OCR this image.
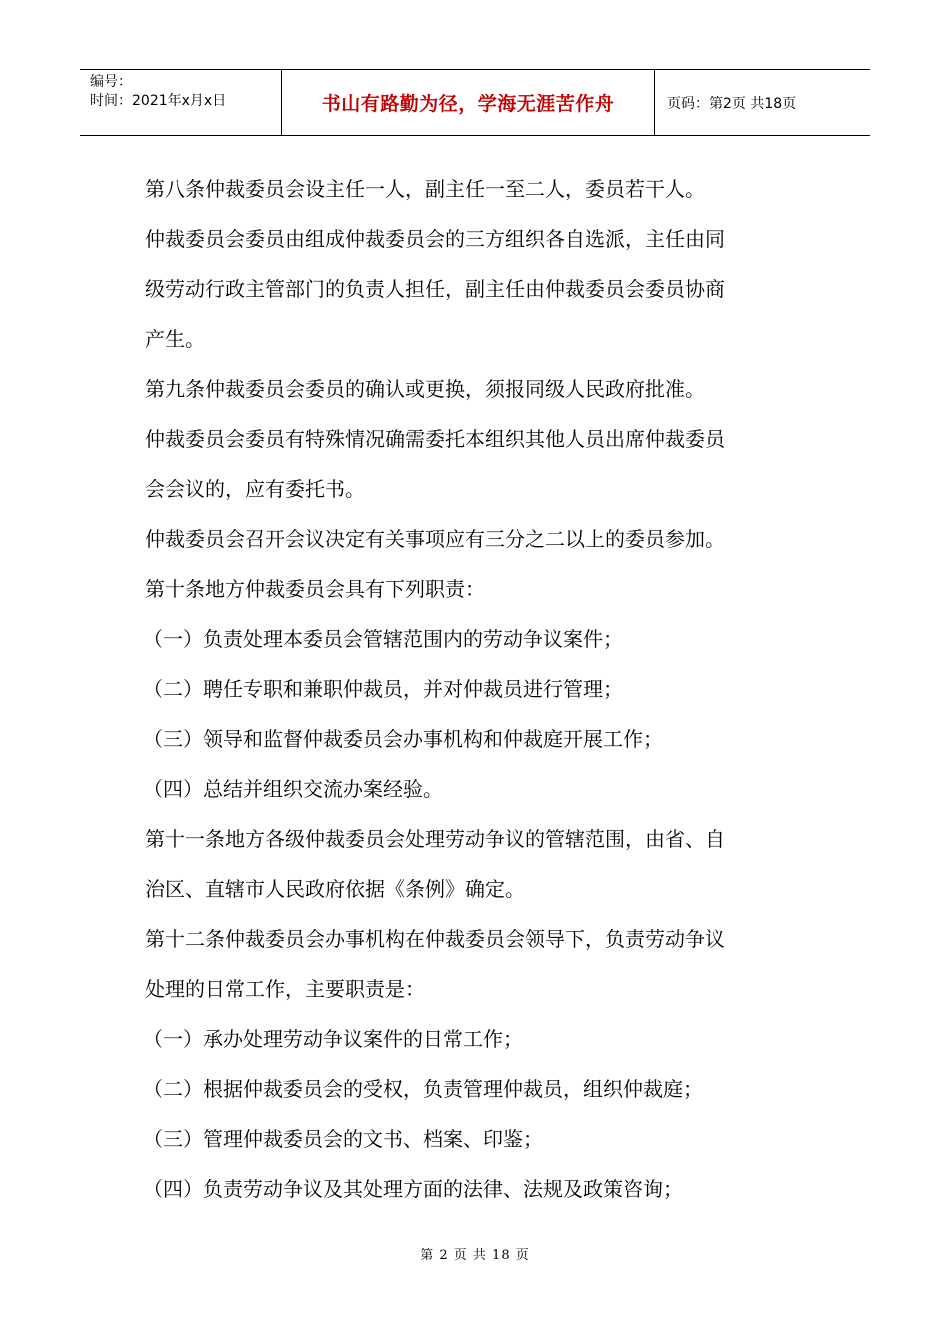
编号：
时间：2021年x月x日	书山有路勤为径，学海无涯苦作舟	页码：第2页 共18页

第八条仲裁委员会设主任一人，副主任一至二人，委员若干人。

仲裁委员会委员由组成仲裁委员会的三方组织各自选派，主任由同

级劳动行政主管部门的负责人担任，副主任由仲裁委员会委员协商

产生。

第九条仲裁委员会委员的确认或更换，须报同级人民政府批准。

仲裁委员会委员有特殊情况确需委托本组织其他人员出席仲裁委员

会会议的，应有委托书。

仲裁委员会召开会议决定有关事项应有三分之二以上的委员参加。

第十条地方仲裁委员会具有下列职责：

（一）负责处理本委员会管辖范围内的劳动争议案件；

（二）聘任专职和兼职仲裁员，并对仲裁员进行管理；

（三）领导和监督仲裁委员会办事机构和仲裁庭开展工作；

（四）总结并组织交流办案经验。

第十一条地方各级仲裁委员会处理劳动争议的管辖范围，由省、自

治区、直辖市人民政府依据《条例》确定。

第十二条仲裁委员会办事机构在仲裁委员会领导下，负责劳动争议

处理的日常工作，主要职责是：

（一）承办处理劳动争议案件的日常工作；

（二）根据仲裁委员会的受权，负责管理仲裁员，组织仲裁庭；

（三）管理仲裁委员会的文书、档案、印鉴；

（四）负责劳动争议及其处理方面的法律、法规及政策咨询；

第 2 页 共 18 页
